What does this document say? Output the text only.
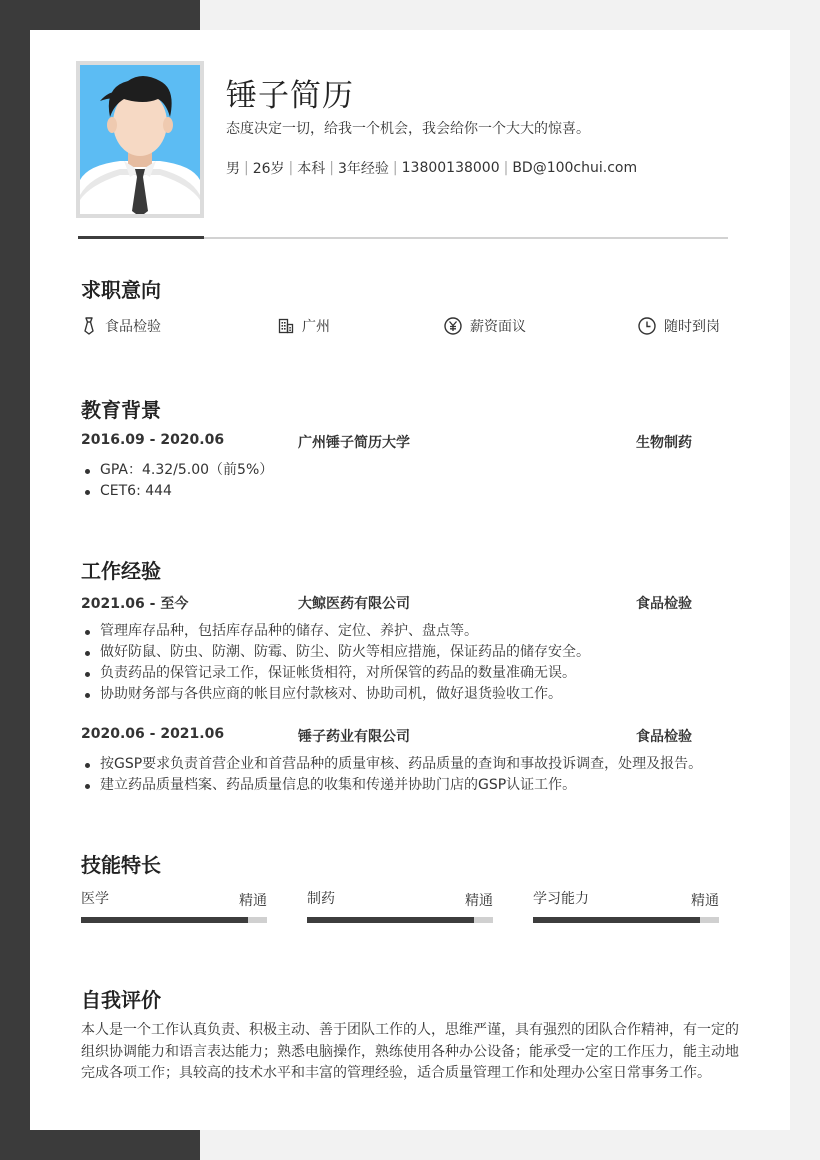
锤子简历
态度决定一切，给我一个机会，我会给你一个大大的惊喜。
男 | 26岁 | 本科 | 3年经验 | 13800138000 | BD@100chui.com
求职意向
食品检验	广州	薪资面议	随时到岗
教育背景
2016.09 - 2020.06	广州锤子简历大学	生物制药
GPA：4.32/5.00（前5%）
CET6: 444
工作经验
2021.06 - 至今	大鲸医药有限公司	食品检验
管理库存品种，包括库存品种的储存、定位、养护、盘点等。
做好防鼠、防虫、防潮、防霉、防尘、防火等相应措施，保证药品的储存安全。
负责药品的保管记录工作，保证帐货相符，对所保管的药品的数量准确无误。
协助财务部与各供应商的帐目应付款核对、协助司机，做好退货验收工作。
2020.06 - 2021.06	锤子药业有限公司	食品检验
按GSP要求负责首营企业和首营品种的质量审核、药品质量的查询和事故投诉调查，处理及报告。
建立药品质量档案、药品质量信息的收集和传递并协助门店的GSP认证工作。
技能特长
医学	精通	制药	精通	学习能力	精通
自我评价
本人是一个工作认真负责、积极主动、善于团队工作的人，思维严谨，具有强烈的团队合作精神，有一定的组织协调能力和语言表达能力；熟悉电脑操作，熟练使用各种办公设备；能承受一定的工作压力，能主动地完成各项工作；具较高的技术水平和丰富的管理经验，适合质量管理工作和处理办公室日常事务工作。
